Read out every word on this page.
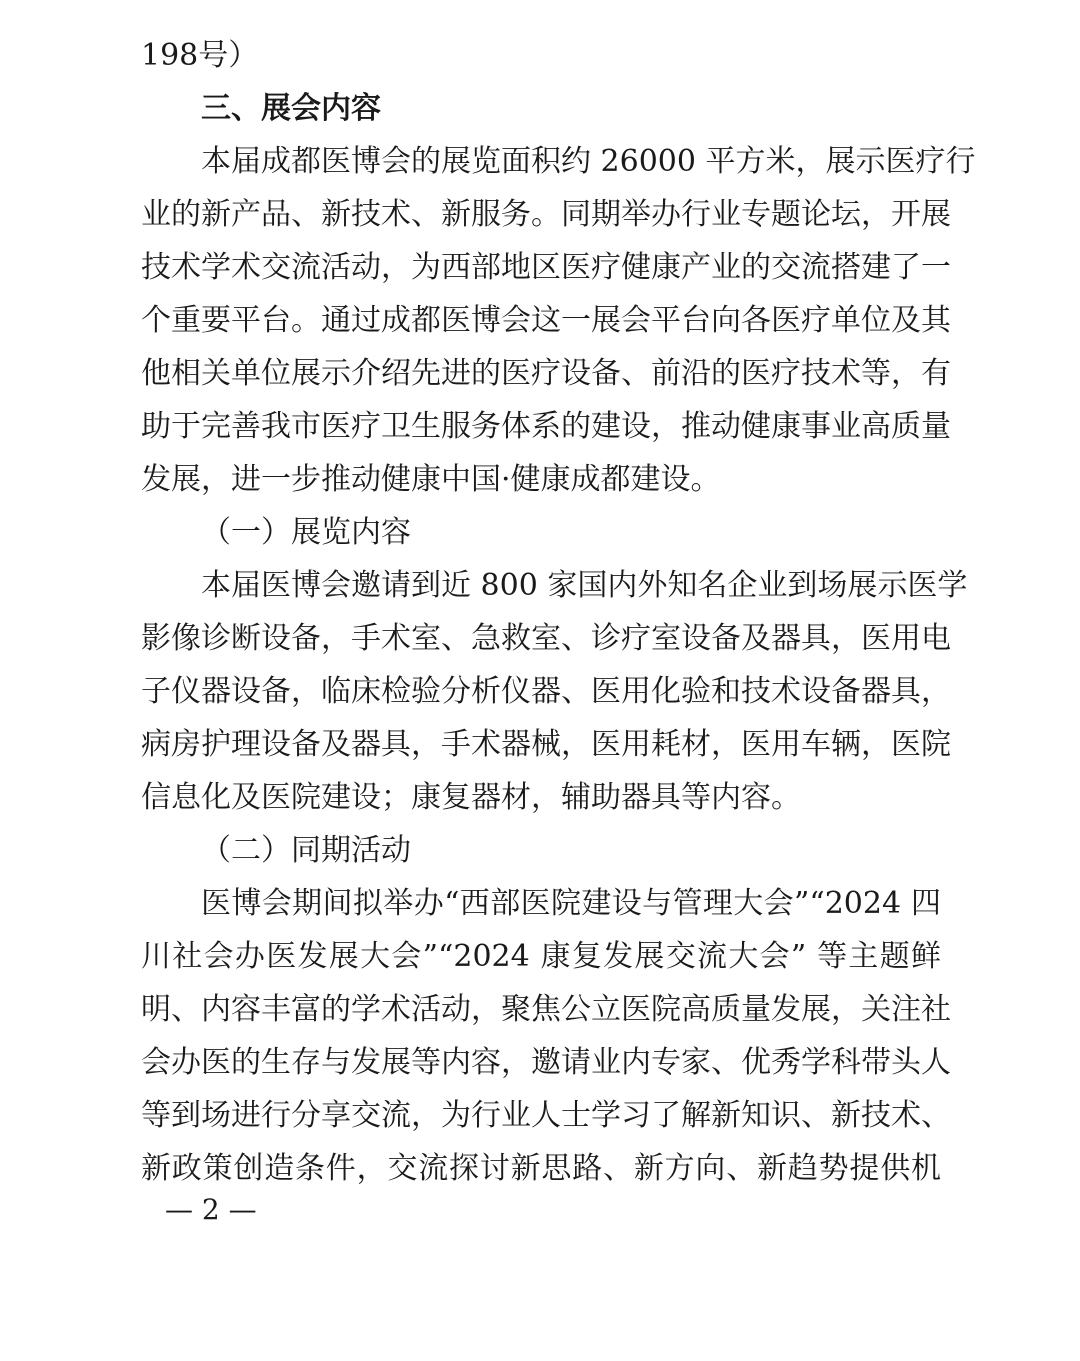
198号）
三、展会内容
本届成都医博会的展览面积约 26000 平方米，展示医疗行
业的新产品、新技术、新服务。同期举办行业专题论坛，开展
技术学术交流活动，为西部地区医疗健康产业的交流搭建了一
个重要平台。通过成都医博会这一展会平台向各医疗单位及其
他相关单位展示介绍先进的医疗设备、前沿的医疗技术等，有
助于完善我市医疗卫生服务体系的建设，推动健康事业高质量
发展，进一步推动健康中国·健康成都建设。
（一）展览内容
本届医博会邀请到近 800 家国内外知名企业到场展示医学
影像诊断设备，手术室、急救室、诊疗室设备及器具，医用电
子仪器设备，临床检验分析仪器、医用化验和技术设备器具，
病房护理设备及器具，手术器械，医用耗材，医用车辆，医院
信息化及医院建设；康复器材，辅助器具等内容。
（二）同期活动
医博会期间拟举办“西部医院建设与管理大会”“2024 四
川社会办医发展大会”“2024 康复发展交流大会” 等主题鲜
明、内容丰富的学术活动，聚焦公立医院高质量发展，关注社
会办医的生存与发展等内容，邀请业内专家、优秀学科带头人
等到场进行分享交流，为行业人士学习了解新知识、新技术、
新政策创造条件，交流探讨新思路、新方向、新趋势提供机
— 2 —
